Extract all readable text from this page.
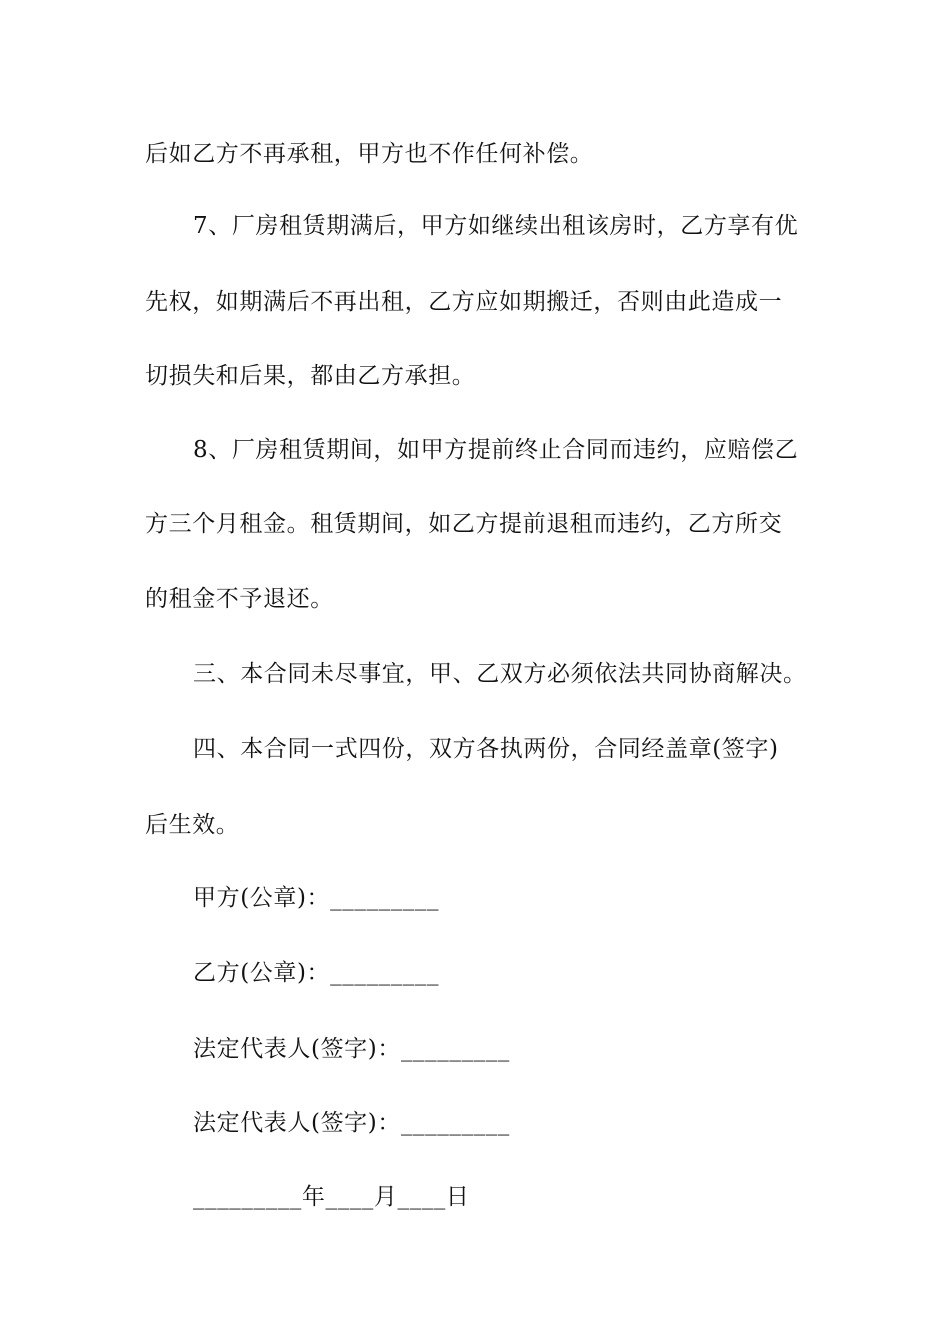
后如乙方不再承租，甲方也不作任何补偿。
7、厂房租赁期满后，甲方如继续出租该房时，乙方享有优
先权，如期满后不再出租，乙方应如期搬迁，否则由此造成一
切损失和后果，都由乙方承担。
8、厂房租赁期间，如甲方提前终止合同而违约，应赔偿乙
方三个月租金。租赁期间，如乙方提前退租而违约，乙方所交
的租金不予退还。
三、本合同未尽事宜，甲、乙双方必须依法共同协商解决。
四、本合同一式四份，双方各执两份，合同经盖章(签字)
后生效。
甲方(公章)：_________
乙方(公章)：_________
法定代表人(签字)：_________
法定代表人(签字)：_________
_________年____月____日
